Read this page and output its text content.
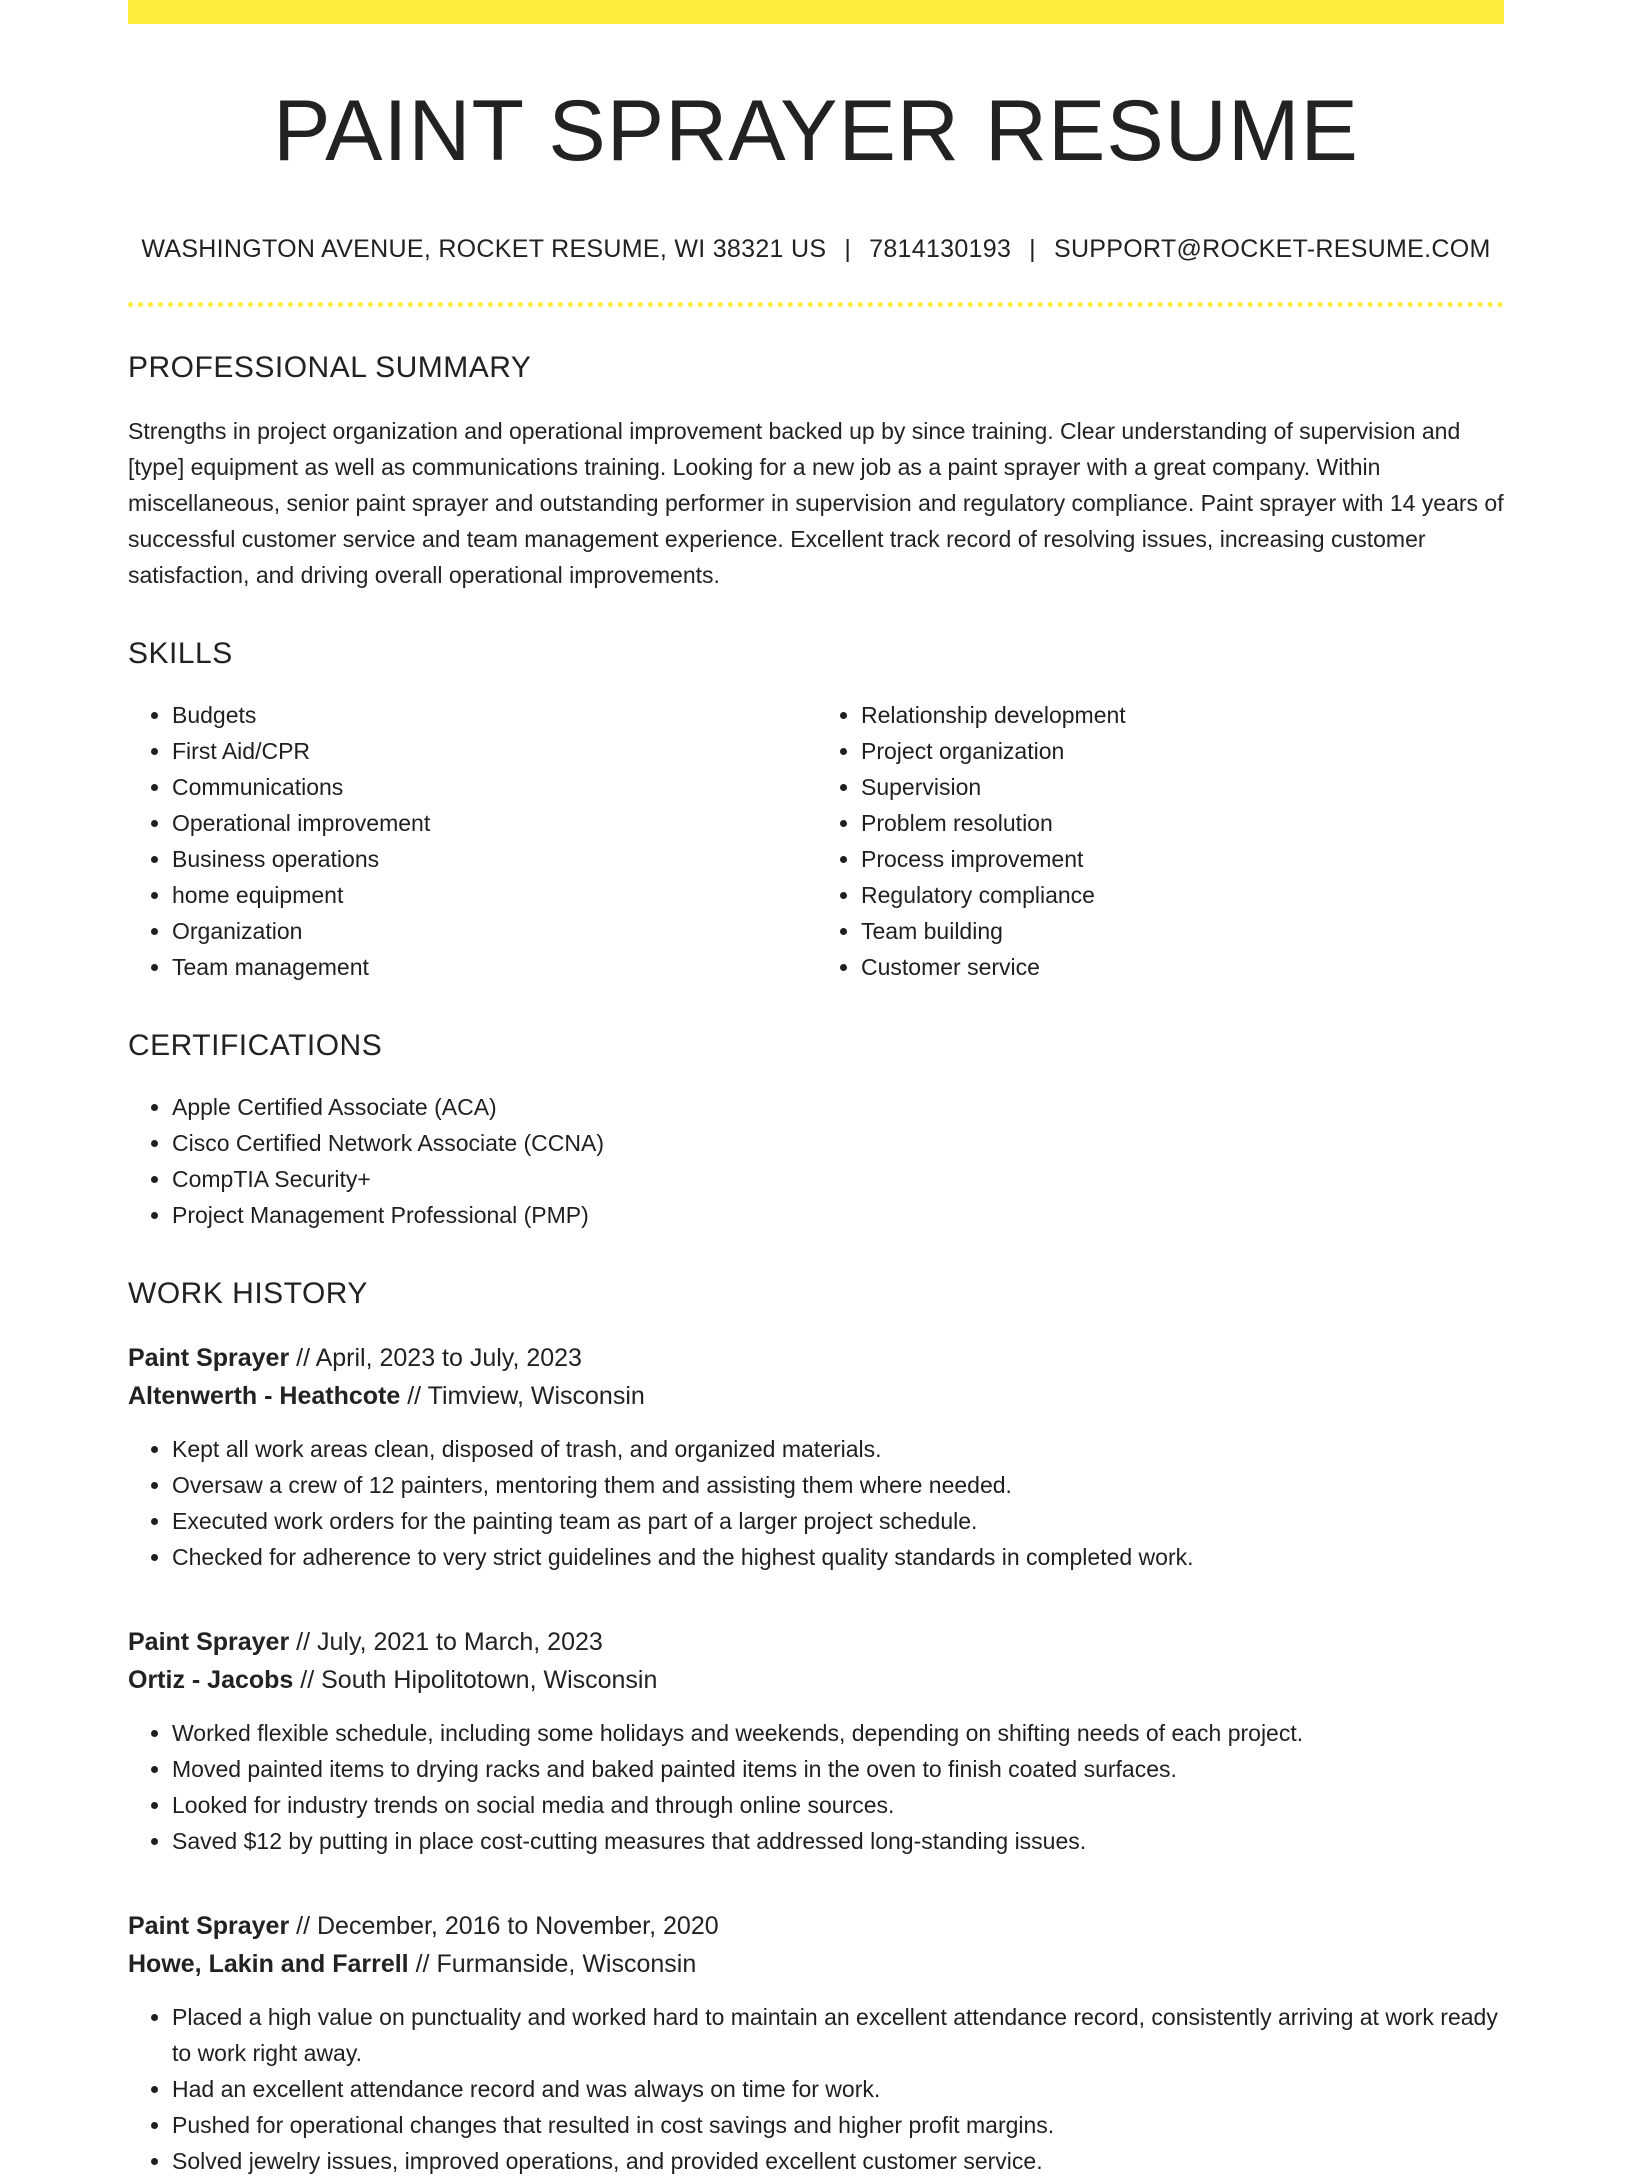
PAINT SPRAYER RESUME
WASHINGTON AVENUE, ROCKET RESUME, WI 38321 US | 7814130193 | SUPPORT@ROCKET-RESUME.COM
PROFESSIONAL SUMMARY

Strengths in project organization and operational improvement backed up by since training. Clear understanding of supervision and [type] equipment as well as communications training. Looking for a new job as a paint sprayer with a great company. Within miscellaneous, senior paint sprayer and outstanding performer in supervision and regulatory compliance. Paint sprayer with 14 years of successful customer service and team management experience. Excellent track record of resolving issues, increasing customer satisfaction, and driving overall operational improvements.

SKILLS
• Budgets
• First Aid/CPR
• Communications
• Operational improvement
• Business operations
• home equipment
• Organization
• Team management
• Relationship development
• Project organization
• Supervision
• Problem resolution
• Process improvement
• Regulatory compliance
• Team building
• Customer service
CERTIFICATIONS
• Apple Certified Associate (ACA)
• Cisco Certified Network Associate (CCNA)
• CompTIA Security+
• Project Management Professional (PMP)
WORK HISTORY
Paint Sprayer // April, 2023 to July, 2023
Altenwerth - Heathcote // Timview, Wisconsin
• Kept all work areas clean, disposed of trash, and organized materials.
• Oversaw a crew of 12 painters, mentoring them and assisting them where needed.
• Executed work orders for the painting team as part of a larger project schedule.
• Checked for adherence to very strict guidelines and the highest quality standards in completed work.
Paint Sprayer // July, 2021 to March, 2023
Ortiz - Jacobs // South Hipolitotown, Wisconsin
• Worked flexible schedule, including some holidays and weekends, depending on shifting needs of each project.
• Moved painted items to drying racks and baked painted items in the oven to finish coated surfaces.
• Looked for industry trends on social media and through online sources.
• Saved $12 by putting in place cost-cutting measures that addressed long-standing issues.
Paint Sprayer // December, 2016 to November, 2020
Howe, Lakin and Farrell // Furmanside, Wisconsin
• Placed a high value on punctuality and worked hard to maintain an excellent attendance record, consistently arriving at work ready to work right away.
• Had an excellent attendance record and was always on time for work.
• Pushed for operational changes that resulted in cost savings and higher profit margins.
• Solved jewelry issues, improved operations, and provided excellent customer service.
